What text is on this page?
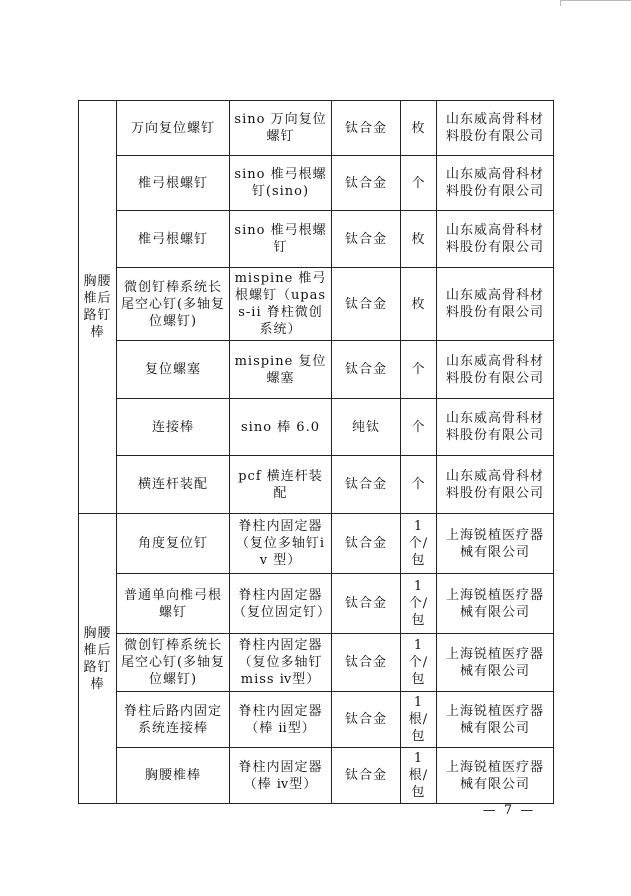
胸腰椎后路钉棒	万向复位螺钉	sino 万向复位螺钉	钛合金	枚	山东威高骨科材料股份有限公司
	椎弓根螺钉	sino 椎弓根螺钉(sino)	钛合金	个	山东威高骨科材料股份有限公司
	椎弓根螺钉	sino 椎弓根螺钉	钛合金	枚	山东威高骨科材料股份有限公司
	微创钉棒系统长尾空心钉(多轴复位螺钉)	mispine 椎弓根螺钉（upass-ii 脊柱微创系统）	钛合金	枚	山东威高骨科材料股份有限公司
	复位螺塞	mispine 复位螺塞	钛合金	个	山东威高骨科材料股份有限公司
	连接棒	sino 棒 6.0	纯钛	个	山东威高骨科材料股份有限公司
	横连杆装配	pcf 横连杆装配	钛合金	个	山东威高骨科材料股份有限公司
胸腰椎后路钉棒	角度复位钉	脊柱内固定器（复位多轴钉iv 型）	钛合金	1 个/包	上海锐植医疗器械有限公司
	普通单向椎弓根螺钉	脊柱内固定器（复位固定钉）	钛合金	1 个/包	上海锐植医疗器械有限公司
	微创钉棒系统长尾空心钉(多轴复位螺钉)	脊柱内固定器（复位多轴钉miss ⅳ型）	钛合金	1 个/包	上海锐植医疗器械有限公司
	脊柱后路内固定系统连接棒	脊柱内固定器（棒 ⅱ型）	钛合金	1 根/包	上海锐植医疗器械有限公司
	胸腰椎棒	脊柱内固定器（棒 ⅳ型）	钛合金	1 根/包	上海锐植医疗器械有限公司
— 7 —
